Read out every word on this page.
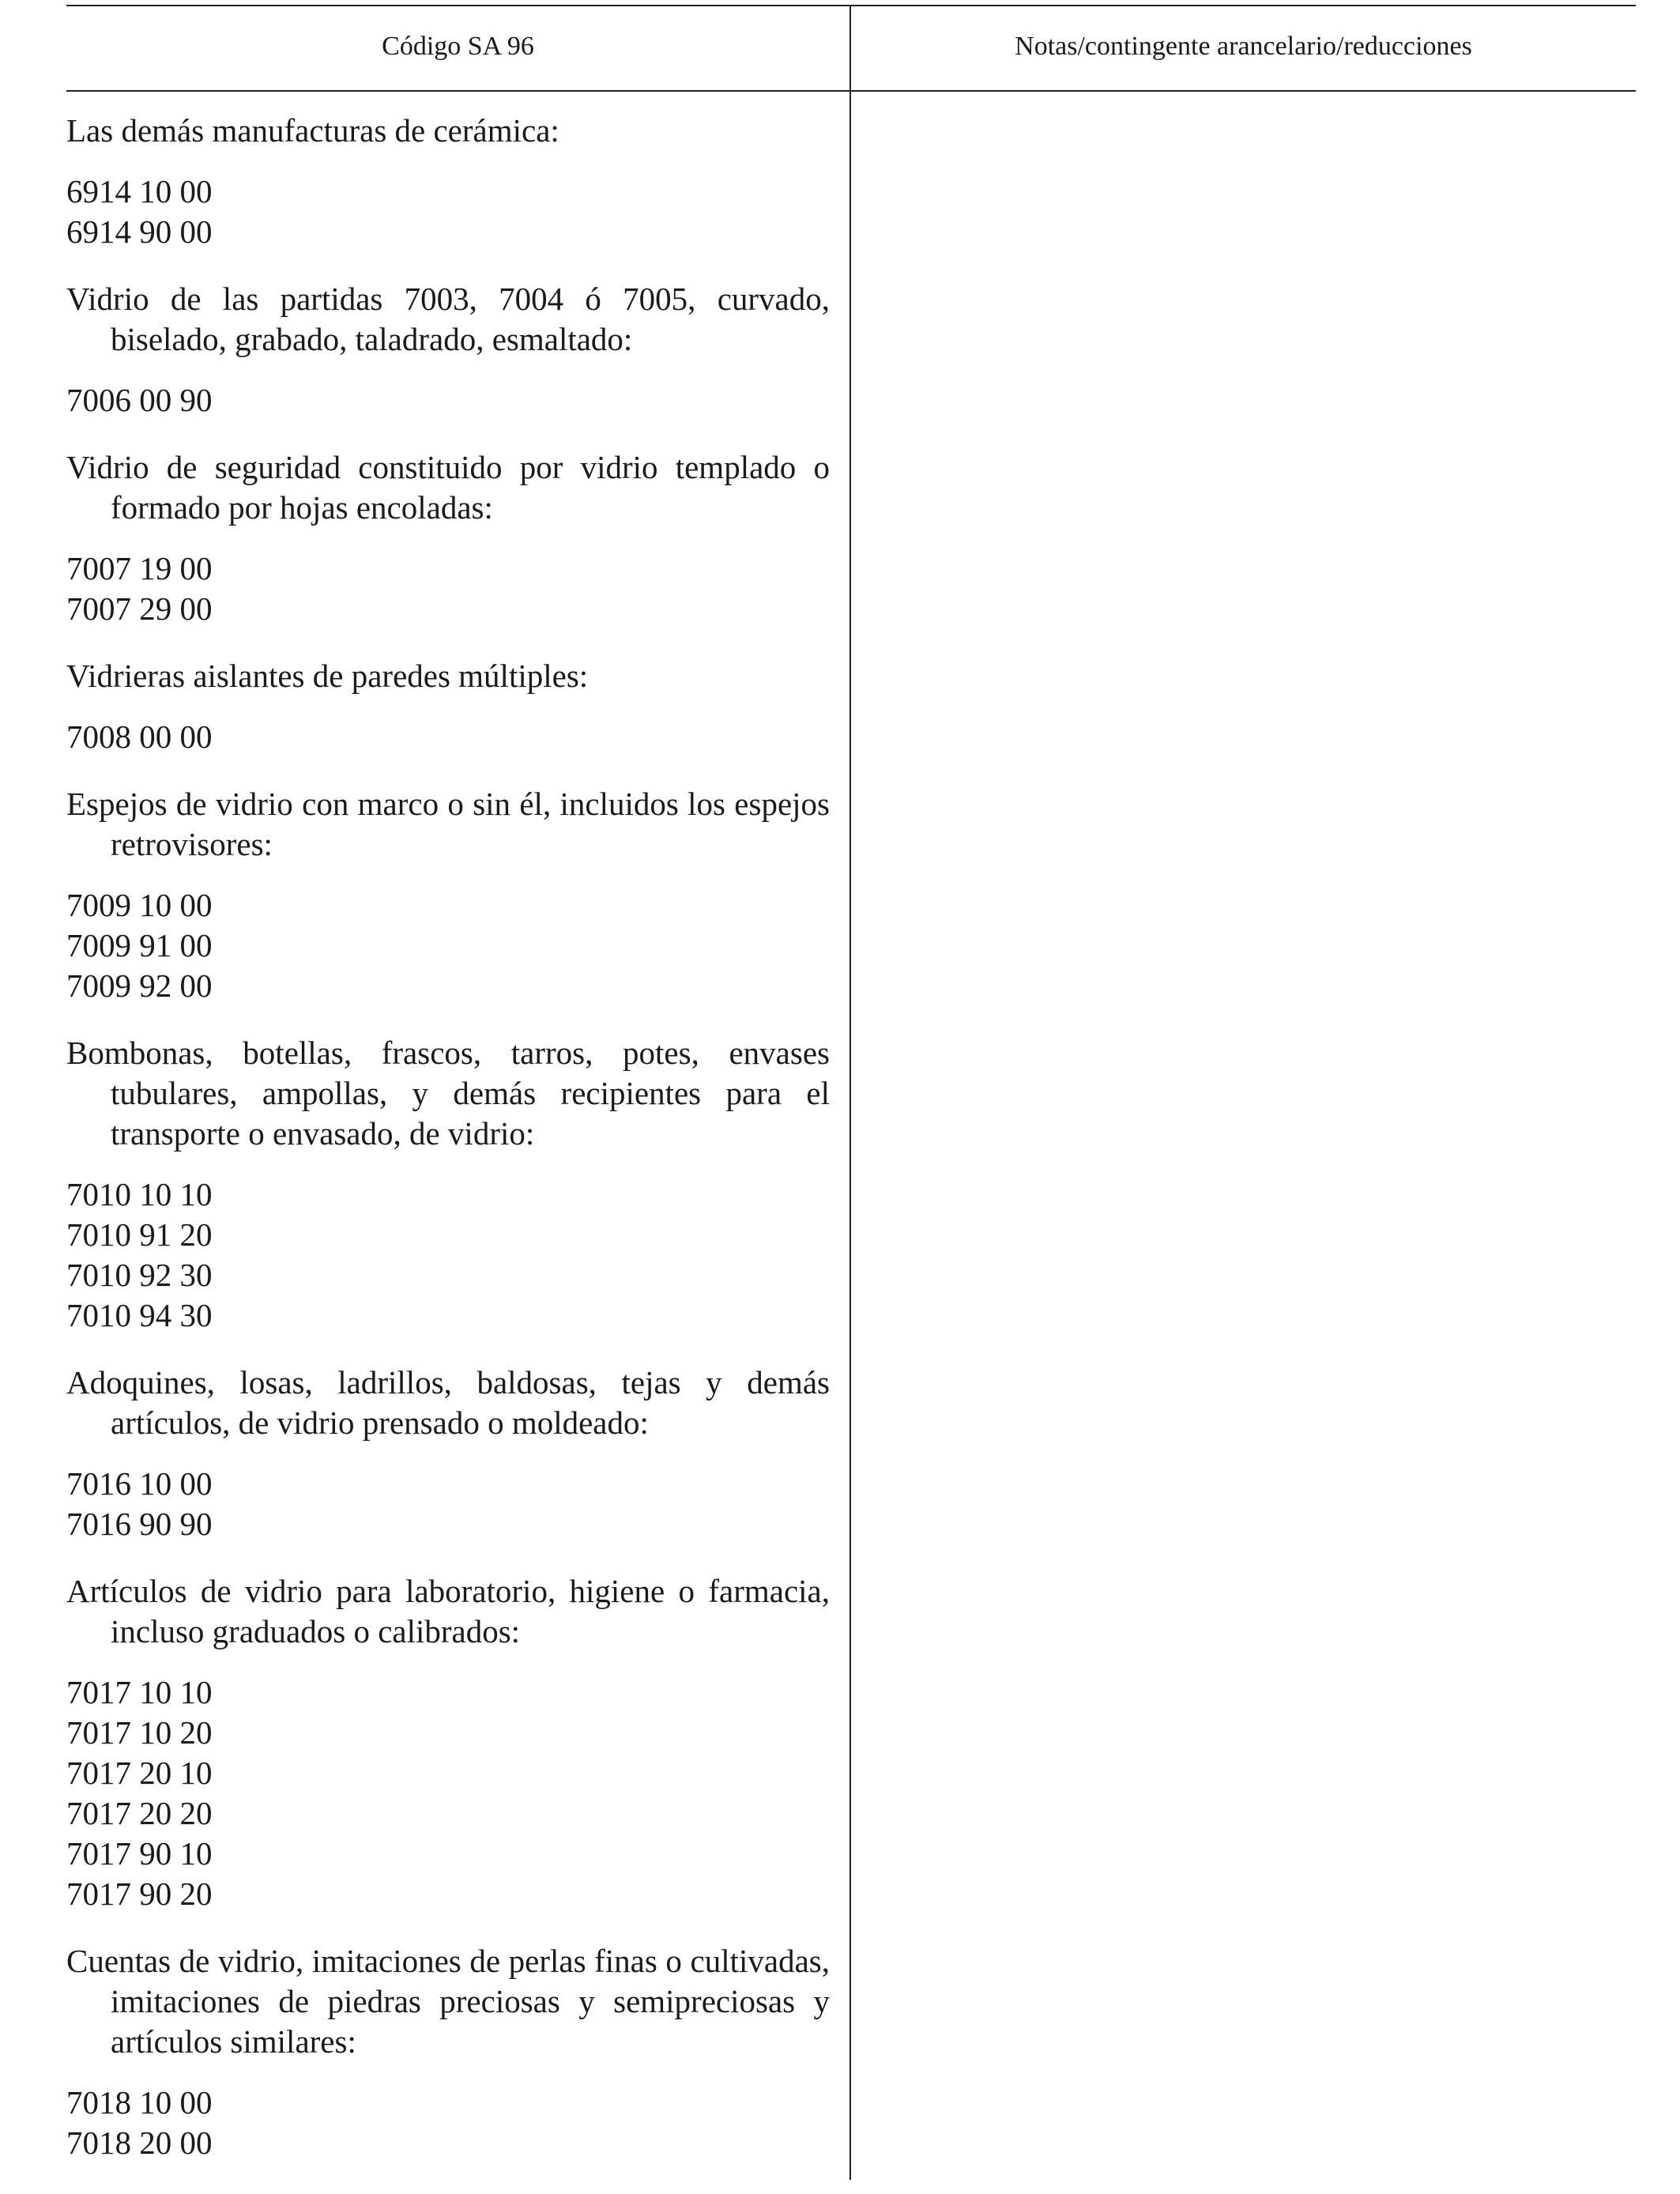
Código SA 96	Notas/contingente arancelario/reducciones
Las demás manufacturas de cerámica:
6914 10 00
6914 90 00
Vidrio de las partidas 7003, 7004 ó 7005, curvado, biselado, grabado, taladrado, esmaltado:
7006 00 90
Vidrio de seguridad constituido por vidrio templado o formado por hojas encoladas:
7007 19 00
7007 29 00
Vidrieras aislantes de paredes múltiples:
7008 00 00
Espejos de vidrio con marco o sin él, incluidos los espejos retrovisores:
7009 10 00
7009 91 00
7009 92 00
Bombonas, botellas, frascos, tarros, potes, envases tubulares, ampollas, y demás recipientes para el transporte o envasado, de vidrio:
7010 10 10
7010 91 20
7010 92 30
7010 94 30
Adoquines, losas, ladrillos, baldosas, tejas y demás artículos, de vidrio prensado o moldeado:
7016 10 00
7016 90 90
Artículos de vidrio para laboratorio, higiene o farmacia, incluso graduados o calibrados:
7017 10 10
7017 10 20
7017 20 10
7017 20 20
7017 90 10
7017 90 20
Cuentas de vidrio, imitaciones de perlas finas o cultivadas, imitaciones de piedras preciosas y semipreciosas y artículos similares:
7018 10 00
7018 20 00
